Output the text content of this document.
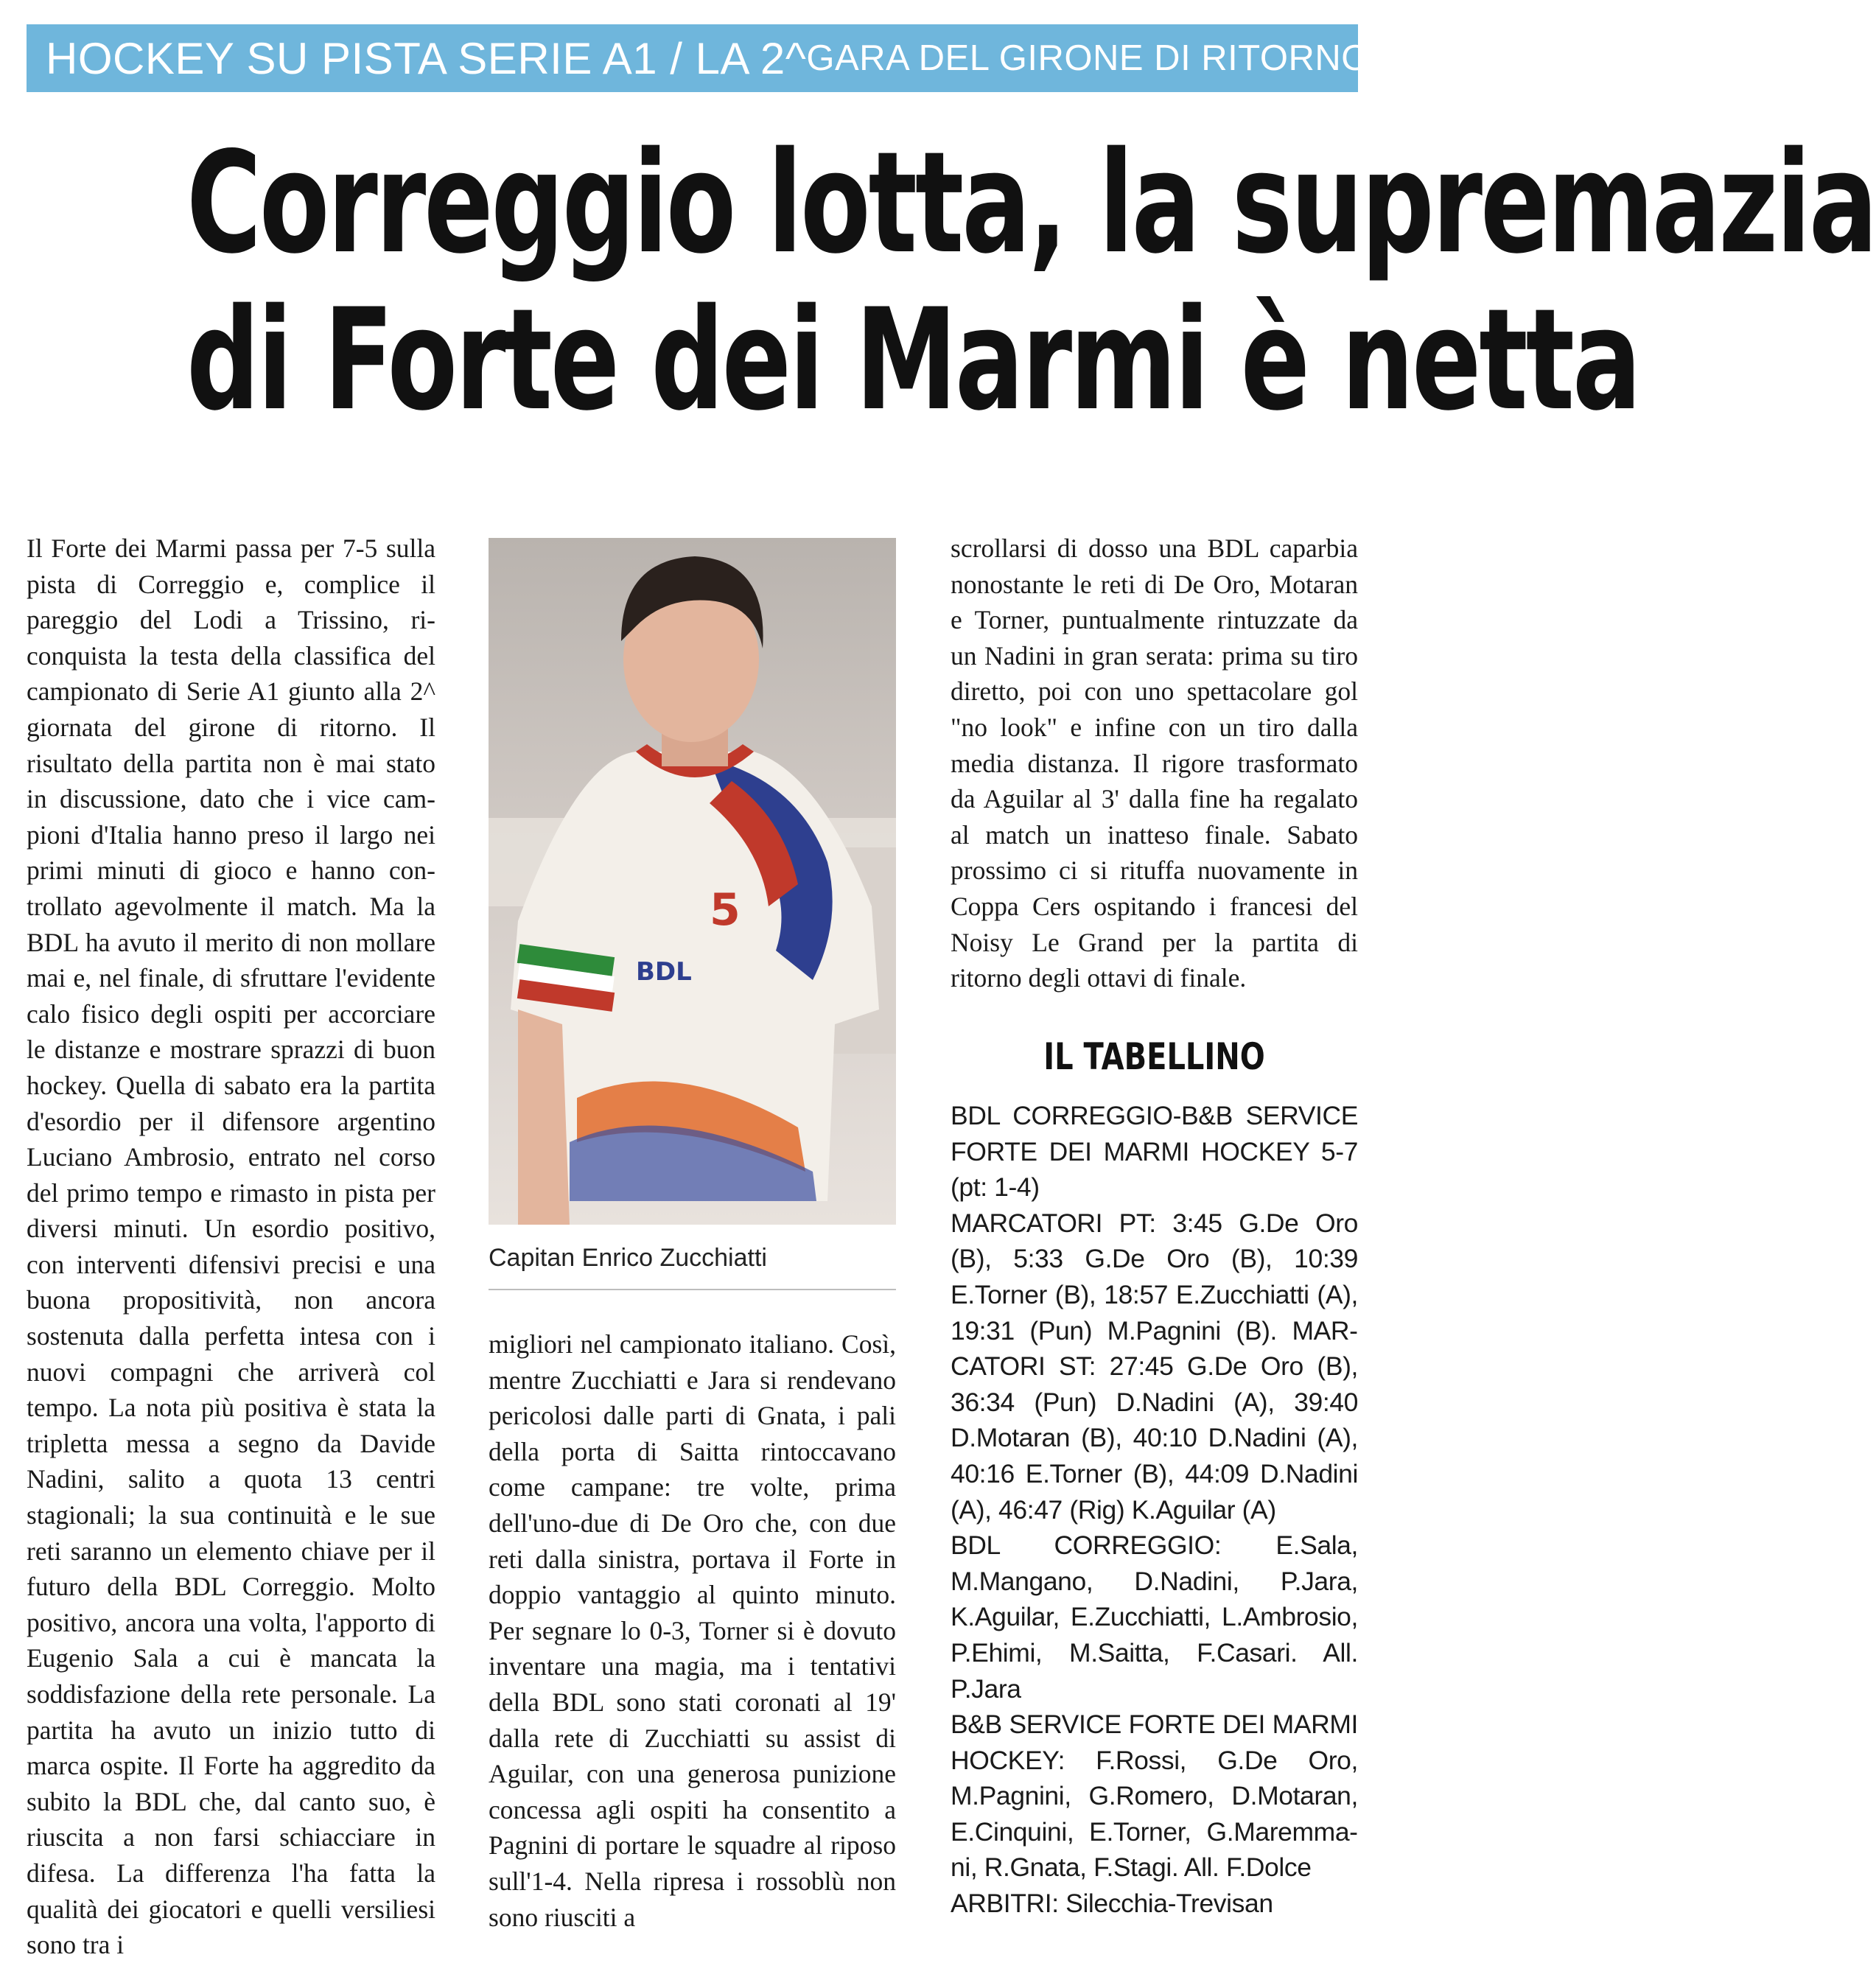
HOCKEY SU PISTA SERIE A1 / LA 2^ GARA DEL GIRONE DI RITORNO
Correggio lotta, la supremazia
di Forte dei Marmi è netta

Il Forte dei Marmi passa per 7-5 sulla pista di Correggio e, complice il pareggio del Lodi a Trissino, riconquista la testa della classifica del campionato di Serie A1 giunto alla 2^ giornata del girone di ritorno. Il risultato della partita non è mai stato in discussione, dato che i vice campioni d'Italia hanno preso il largo nei primi minuti di gioco e hanno controllato agevolmente il match. Ma la BDL ha avuto il merito di non mollare mai e, nel finale, di sfruttare l'evidente calo fisico degli ospiti per accorciare le distanze e mostrare sprazzi di buon hockey. Quella di sabato era la partita d'esordio per il difensore argentino Luciano Ambrosio, entrato nel corso del primo tempo e rimasto in pista per diversi minuti. Un esordio positivo, con interventi difensivi precisi e una buona propositività, non ancora sostenuta dalla perfetta intesa con i nuovi compagni che arriverà col tempo. La nota più positiva è stata la tripletta messa a segno da Davide Nadini, salito a quota 13 centri stagionali; la sua continuità e le sue reti saranno un elemento chiave per il futuro della BDL Correggio. Molto positivo, ancora una volta, l'apporto di Eugenio Sala a cui è mancata la soddisfazione della rete personale. La partita ha avuto un inizio tutto di marca ospite. Il Forte ha aggredito da subito la BDL che, dal canto suo, è riuscita a non farsi schiacciare in difesa. La differenza l'ha fatta la qualità dei giocatori e quelli versiliesi sono tra i

5
BDL
Capitan Enrico Zucchiatti

migliori nel campionato italiano. Così, mentre Zucchiatti e Jara si rendevano pericolosi dalle parti di Gnata, i pali della porta di Saitta rintoccavano come campane: tre volte, prima dell'uno-due di De Oro che, con due reti dalla sinistra, portava il Forte in doppio vantaggio al quinto minuto. Per segnare lo 0-3, Torner si è dovuto inventare una magia, ma i tentativi della BDL sono stati coronati al 19' dalla rete di Zucchiatti su assist di Aguilar, con una generosa punizione concessa agli ospiti ha consentito a Pagnini di portare le squadre al riposo sull'1-4. Nella ripresa i rossoblù non sono riusciti a

scrollarsi di dosso una BDL caparbia nonostante le reti di De Oro, Motaran e Torner, puntualmente rintuzzate da un Nadini in gran serata: prima su tiro diretto, poi con uno spettacolare gol "no look" e infine con un tiro dalla media distanza. Il rigore trasformato da Aguilar al 3' dalla fine ha regalato al match un inatteso finale. Sabato prossimo ci si rituffa nuovamente in Coppa Cers ospitando i francesi del Noisy Le Grand per la partita di ritorno degli ottavi di finale.

IL TABELLINO

BDL CORREGGIO-B&B SERVICE FORTE DEI MARMI HOCKEY 5-7 (pt: 1-4)

MARCATORI PT: 3:45 G.De Oro (B), 5:33 G.De Oro (B), 10:39 E.Torner (B), 18:57 E.Zucchiatti (A), 19:31 (Pun) M.Pagnini (B). MARCATORI ST: 27:45 G.De Oro (B), 36:34 (Pun) D.Nadini (A), 39:40 D.Motaran (B), 40:10 D.Nadini (A), 40:16 E.Torner (B), 44:09 D.Nadini (A), 46:47 (Rig) K.Aguilar (A)

BDL CORREGGIO: E.Sala, M.Mangano, D.Nadini, P.Jara, K.Aguilar, E.Zucchiatti, L.Ambrosio, P.Ehimi, M.Saitta, F.Casari. All. P.Jara

B&B SERVICE FORTE DEI MARMI HOCKEY: F.Rossi, G.De Oro, M.Pagnini, G.Romero, D.Motaran, E.Cinquini, E.Torner, G.Maremmani, R.Gnata, F.Stagi. All. F.Dolce

ARBITRI: Silecchia-Trevisan
